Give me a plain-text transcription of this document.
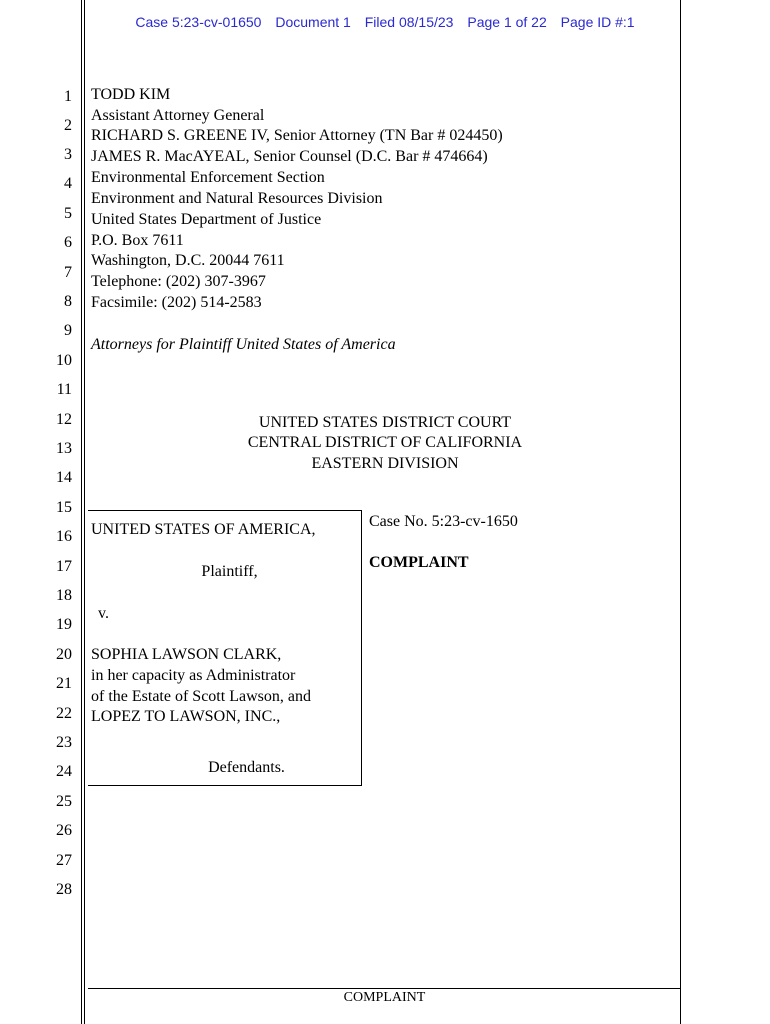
Case 5:23-cv-01650 Document 1 Filed 08/15/23 Page 1 of 22 Page ID #:1
1
2
3
4
5
6
7
8
9
10
11
12
13
14
15
16
17
18
19
20
21
22
23
24
25
26
27
28
TODD KIM
Assistant Attorney General
RICHARD S. GREENE IV, Senior Attorney (TN Bar # 024450)
JAMES R. MacAYEAL, Senior Counsel (D.C. Bar # 474664)
Environmental Enforcement Section
Environment and Natural Resources Division
United States Department of Justice
P.O. Box 7611
Washington, D.C. 20044 7611
Telephone: (202) 307-3967
Facsimile: (202) 514-2583
Attorneys for Plaintiff United States of America
UNITED STATES DISTRICT COURT
CENTRAL DISTRICT OF CALIFORNIA
EASTERN DIVISION
UNITED STATES OF AMERICA,
Plaintiff,
v.
SOPHIA LAWSON CLARK,
in her capacity as Administrator
of the Estate of Scott Lawson, and
LOPEZ TO LAWSON, INC.,
Defendants.
Case No. 5:23-cv-1650
COMPLAINT
COMPLAINT
